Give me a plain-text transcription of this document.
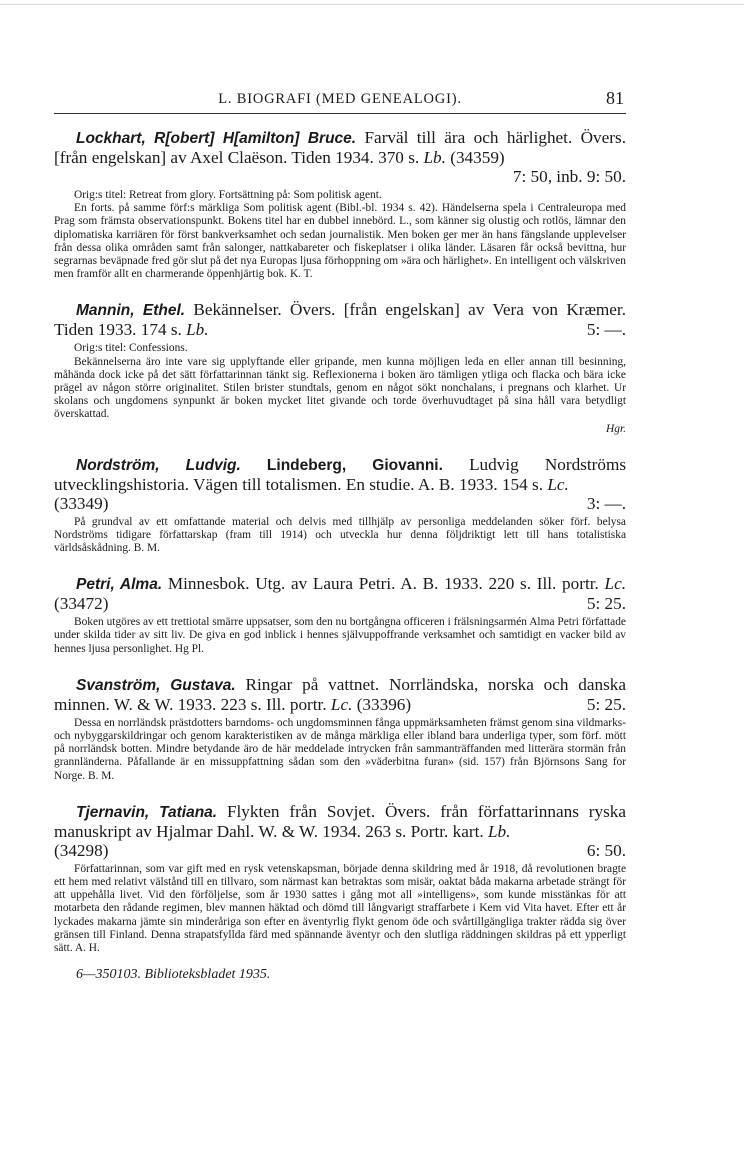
L. BIOGRAFI (MED GENEALOGI).	81

Lockhart, R[obert] H[amilton] Bruce. Farväl till ära och härlighet. Övers. [från engelskan] av Axel Claëson. Tiden 1934. 370 s. Lb. (34359)

7: 50, inb. 9: 50.

Orig:s titel: Retreat from glory. Fortsättning på: Som politisk agent.

En forts. på samme förf:s märkliga Som politisk agent (Bibl.-bl. 1934 s. 42). Händelserna spela i Centraleuropa med Prag som främsta observationspunkt. Bokens titel har en dubbel innebörd. L., som känner sig olustig och rotlös, lämnar den diplomatiska karriären för först bankverksamhet och sedan journalistik. Men boken ger mer än hans fängslande upplevelser från dessa olika områden samt från salonger, nattkabareter och fiskeplatser i olika länder. Läsaren får också bevittna, hur segrarnas beväpnade fred gör slut på det nya Europas ljusa förhoppning om »ära och härlighet». En intelligent och välskriven men framför allt en charmerande öppenhjärtig bok. K. T.

Mannin, Ethel. Bekännelser. Övers. [från engelskan] av Vera von Kræmer. Tiden 1933. 174 s. Lb.	5: —.

Orig:s titel: Confessions.

Bekännelserna äro inte vare sig upplyftande eller gripande, men kunna möjligen leda en eller annan till besinning, måhända dock icke på det sätt författarinnan tänkt sig. Reflexionerna i boken äro tämligen ytliga och flacka och bära icke prägel av någon större originalitet. Stilen brister stundtals, genom en något sökt nonchalans, i pregnans och klarhet. Ur skolans och ungdomens synpunkt är boken mycket litet givande och torde överhuvudtaget på sina håll vara betydligt överskattad.

Hgr.

Nordström, Ludvig. Lindeberg, Giovanni. Ludvig Nordströms utvecklingshistoria. Vägen till totalismen. En studie. A. B. 1933. 154 s. Lc.

(33349)	3: —.

På grundval av ett omfattande material och delvis med tillhjälp av personliga meddelanden söker förf. belysa Nordströms tidigare författarskap (fram till 1914) och utveckla hur denna följdriktigt lett till hans totalistiska världsåskådning. B. M.

Petri, Alma. Minnesbok. Utg. av Laura Petri. A. B. 1933. 220 s. Ill. portr. Lc. (33472)	5: 25.

Boken utgöres av ett trettiotal smärre uppsatser, som den nu bortgångna officeren i frälsningsarmén Alma Petri författade under skilda tider av sitt liv. De giva en god inblick i hennes självuppoffrande verksamhet och samtidigt en vacker bild av hennes ljusa personlighet. Hg Pl.

Svanström, Gustava. Ringar på vattnet. Norrländska, norska och danska minnen. W. & W. 1933. 223 s. Ill. portr. Lc. (33396)	5: 25.

Dessa en norrländsk prästdotters barndoms- och ungdomsminnen fånga uppmärksamheten främst genom sina vildmarks- och nybyggarskildringar och genom karakteristiken av de många märkliga eller ibland bara underliga typer, som förf. mött på norrländsk botten. Mindre betydande äro de här meddelade intrycken från sammanträffanden med litterära stormän från grannländerna. Påfallande är en missuppfattning sådan som den »väderbitna furan» (sid. 157) från Björnsons Sang for Norge. B. M.

Tjernavin, Tatiana. Flykten från Sovjet. Övers. från författarinnans ryska manuskript av Hjalmar Dahl. W. & W. 1934. 263 s. Portr. kart. Lb.

(34298)	6: 50.

Författarinnan, som var gift med en rysk vetenskapsman, började denna skildring med år 1918, då revolutionen bragte ett hem med relativt välstånd till en tillvaro, som närmast kan betraktas som misär, oaktat båda makarna arbetade strängt för att uppehålla livet. Vid den förföljelse, som år 1930 sattes i gång mot all »intelligens», som kunde misstänkas för att motarbeta den rådande regimen, blev mannen häktad och dömd till långvarigt straffarbete i Kem vid Vita havet. Efter ett år lyckades makarna jämte sin minderåriga son efter en äventyrlig flykt genom öde och svårtillgängliga trakter rädda sig över gränsen till Finland. Denna strapatsfyllda färd med spännande äventyr och den slutliga räddningen skildras på ett ypperligt sätt. A. H.

6—350103. Biblioteksbladet 1935.
